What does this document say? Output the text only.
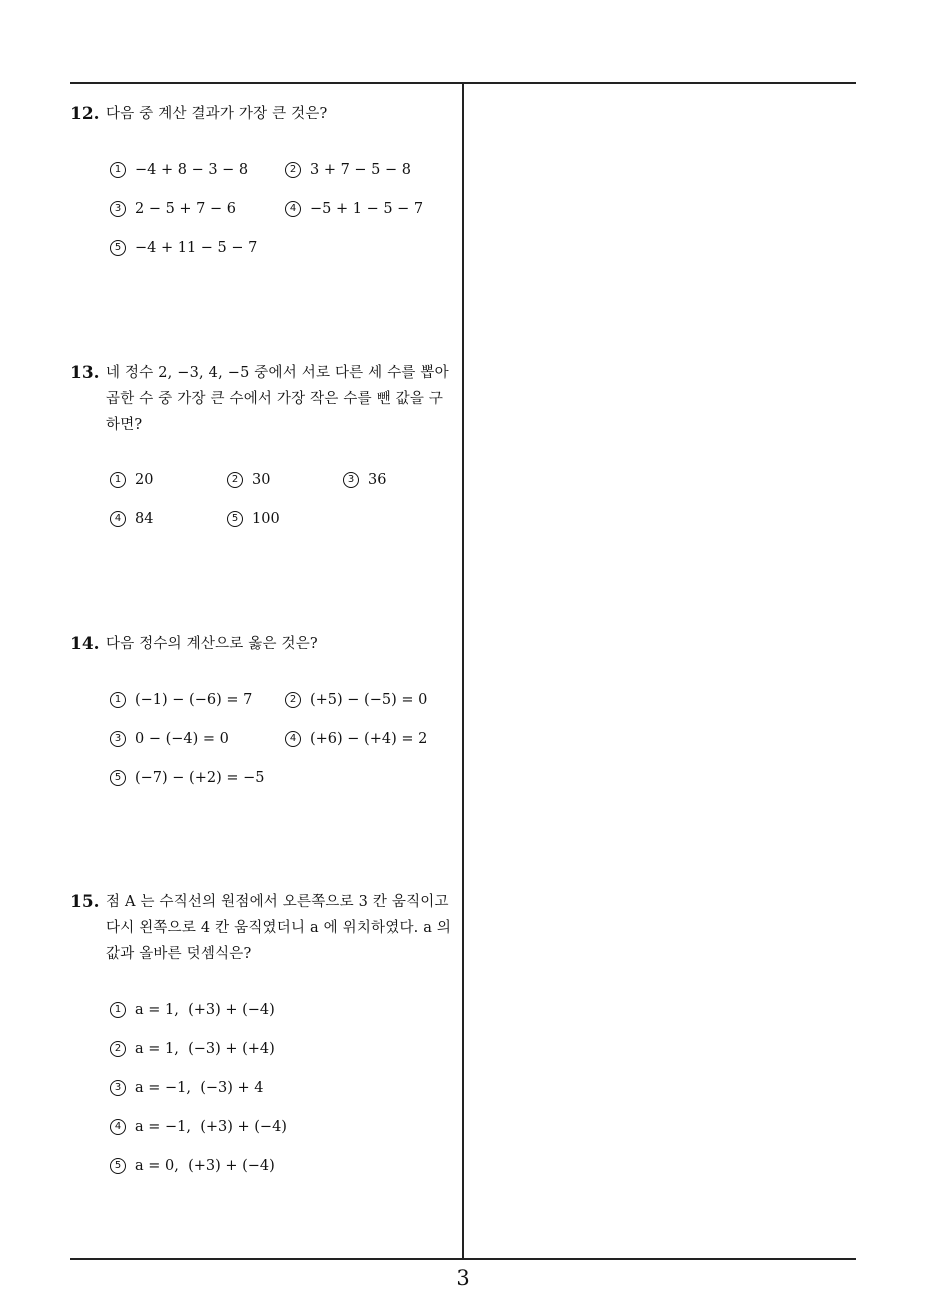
12. 다음 중 계산 결과가 가장 큰 것은?
1 −4 + 8 − 3 − 8	2 3 + 7 − 5 − 8
3 2 − 5 + 7 − 6	4 −5 + 1 − 5 − 7
5 −4 + 11 − 5 − 7
13. 네 정수 2, −3, 4, −5 중에서 서로 다른 세 수를 뽑아 곱한 수 중 가장 큰 수에서 가장 작은 수를 뺀 값을 구하면?
1 20	2 30	3 36
4 84	5 100
14. 다음 정수의 계산으로 옳은 것은?
1 (−1) − (−6) = 7	2 (+5) − (−5) = 0
3 0 − (−4) = 0	4 (+6) − (+4) = 2
5 (−7) − (+2) = −5
15. 점 A 는 수직선의 원점에서 오른쪽으로 3 칸 움직이고 다시 왼쪽으로 4 칸 움직였더니 a 에 위치하였다. a 의 값과 올바른 덧셈식은?
1 a = 1,  (+3) + (−4)
2 a = 1,  (−3) + (+4)
3 a = −1,  (−3) + 4
4 a = −1,  (+3) + (−4)
5 a = 0,  (+3) + (−4)
3
